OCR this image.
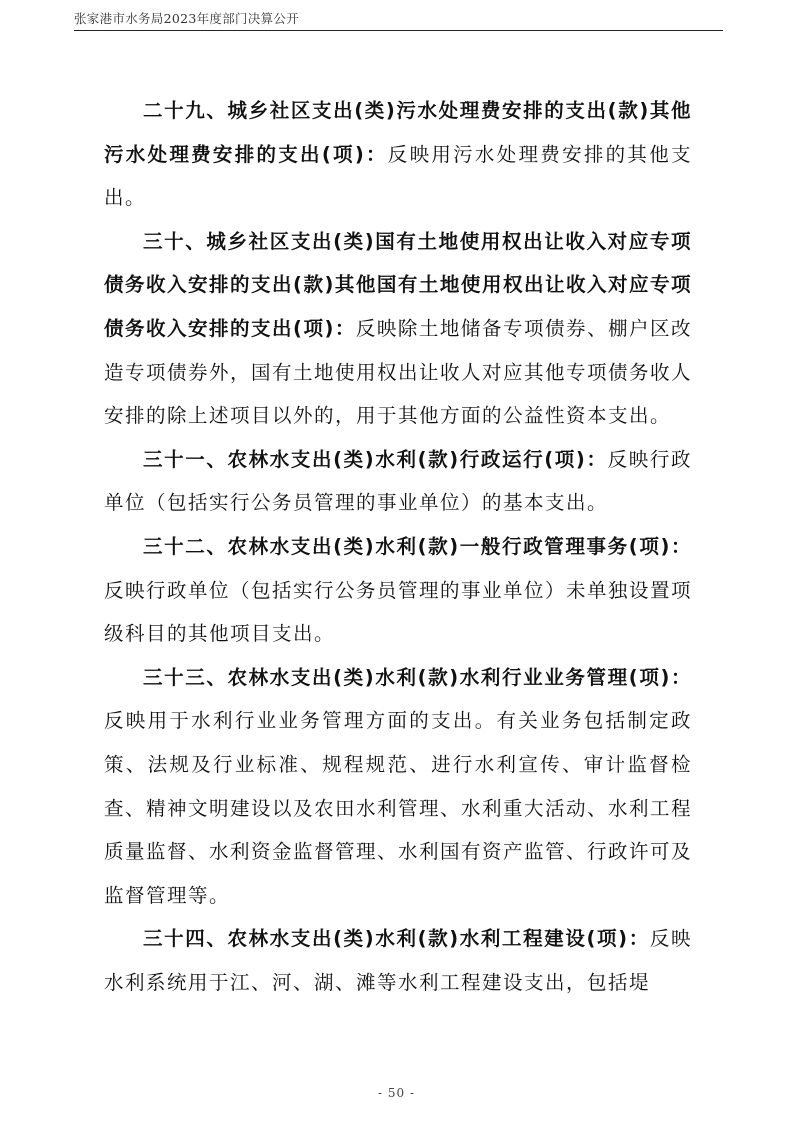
张家港市水务局2023年度部门决算公开

二十九、城乡社区支出(类)污水处理费安排的支出(款)其他污水处理费安排的支出(项)：反映用污水处理费安排的其他支出。

三十、城乡社区支出(类)国有土地使用权出让收入对应专项债务收入安排的支出(款)其他国有土地使用权出让收入对应专项债务收入安排的支出(项)：反映除土地储备专项债券、棚户区改造专项债券外，国有土地使用权出让收人对应其他专项债务收人安排的除上述项目以外的，用于其他方面的公益性资本支出。

三十一、农林水支出(类)水利(款)行政运行(项)：反映行政单位（包括实行公务员管理的事业单位）的基本支出。

三十二、农林水支出(类)水利(款)一般行政管理事务(项)：反映行政单位（包括实行公务员管理的事业单位）未单独设置项级科目的其他项目支出。

三十三、农林水支出(类)水利(款)水利行业业务管理(项)：反映用于水利行业业务管理方面的支出。有关业务包括制定政策、法规及行业标准、规程规范、进行水利宣传、审计监督检查、精神文明建设以及农田水利管理、水利重大活动、水利工程质量监督、水利资金监督管理、水利国有资产监管、行政许可及监督管理等。

三十四、农林水支出(类)水利(款)水利工程建设(项)：反映水利系统用于江、河、湖、滩等水利工程建设支出，包括堤

- 50 -
